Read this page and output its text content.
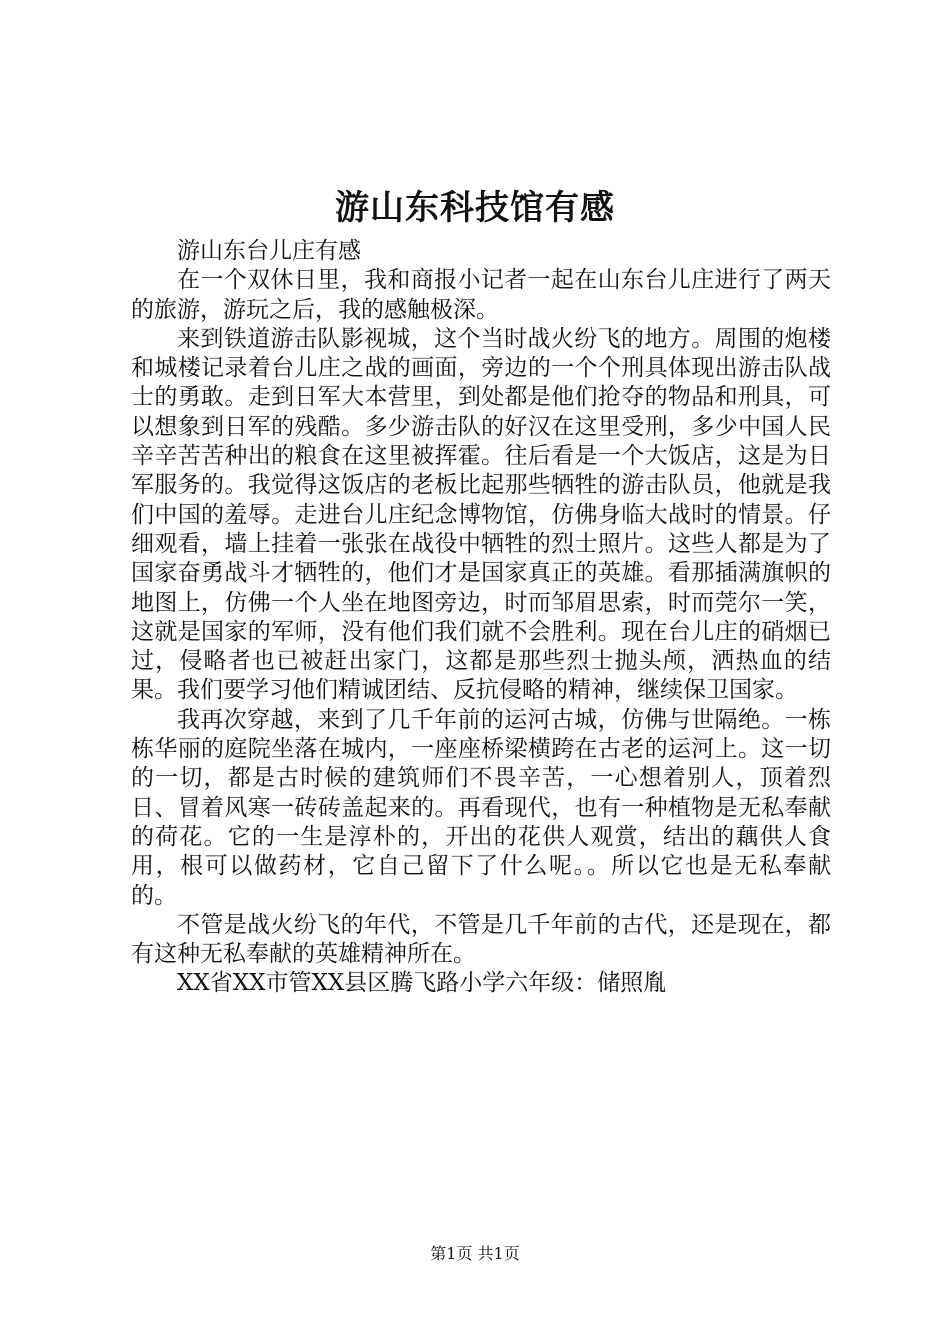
游山东科技馆有感

游山东台儿庄有感

在一个双休日里，我和商报小记者一起在山东台儿庄进行了两天的旅游，游玩之后，我的感触极深。

来到铁道游击队影视城，这个当时战火纷飞的地方。周围的炮楼和城楼记录着台儿庄之战的画面，旁边的一个个刑具体现出游击队战士的勇敢。走到日军大本营里，到处都是他们抢夺的物品和刑具，可以想象到日军的残酷。多少游击队的好汉在这里受刑，多少中国人民辛辛苦苦种出的粮食在这里被挥霍。往后看是一个大饭店，这是为日军服务的。我觉得这饭店的老板比起那些牺牲的游击队员，他就是我们中国的羞辱。走进台儿庄纪念博物馆，仿佛身临大战时的情景。仔细观看，墙上挂着一张张在战役中牺牲的烈士照片。这些人都是为了国家奋勇战斗才牺牲的，他们才是国家真正的英雄。看那插满旗帜的地图上，仿佛一个人坐在地图旁边，时而邹眉思索，时而莞尔一笑，这就是国家的军师，没有他们我们就不会胜利。现在台儿庄的硝烟已过，侵略者也已被赶出家门，这都是那些烈士抛头颅，洒热血的结果。我们要学习他们精诚团结、反抗侵略的精神，继续保卫国家。

我再次穿越，来到了几千年前的运河古城，仿佛与世隔绝。一栋栋华丽的庭院坐落在城内，一座座桥梁横跨在古老的运河上。这一切的一切，都是古时候的建筑师们不畏辛苦，一心想着别人，顶着烈日、冒着风寒一砖砖盖起来的。再看现代，也有一种植物是无私奉献的荷花。它的一生是淳朴的，开出的花供人观赏，结出的藕供人食用，根可以做药材，它自己留下了什么呢。。所以它也是无私奉献的。

不管是战火纷飞的年代，不管是几千年前的古代，还是现在，都有这种无私奉献的英雄精神所在。

XX省XX市管XX县区腾飞路小学六年级：储照胤

第1页 共1页
